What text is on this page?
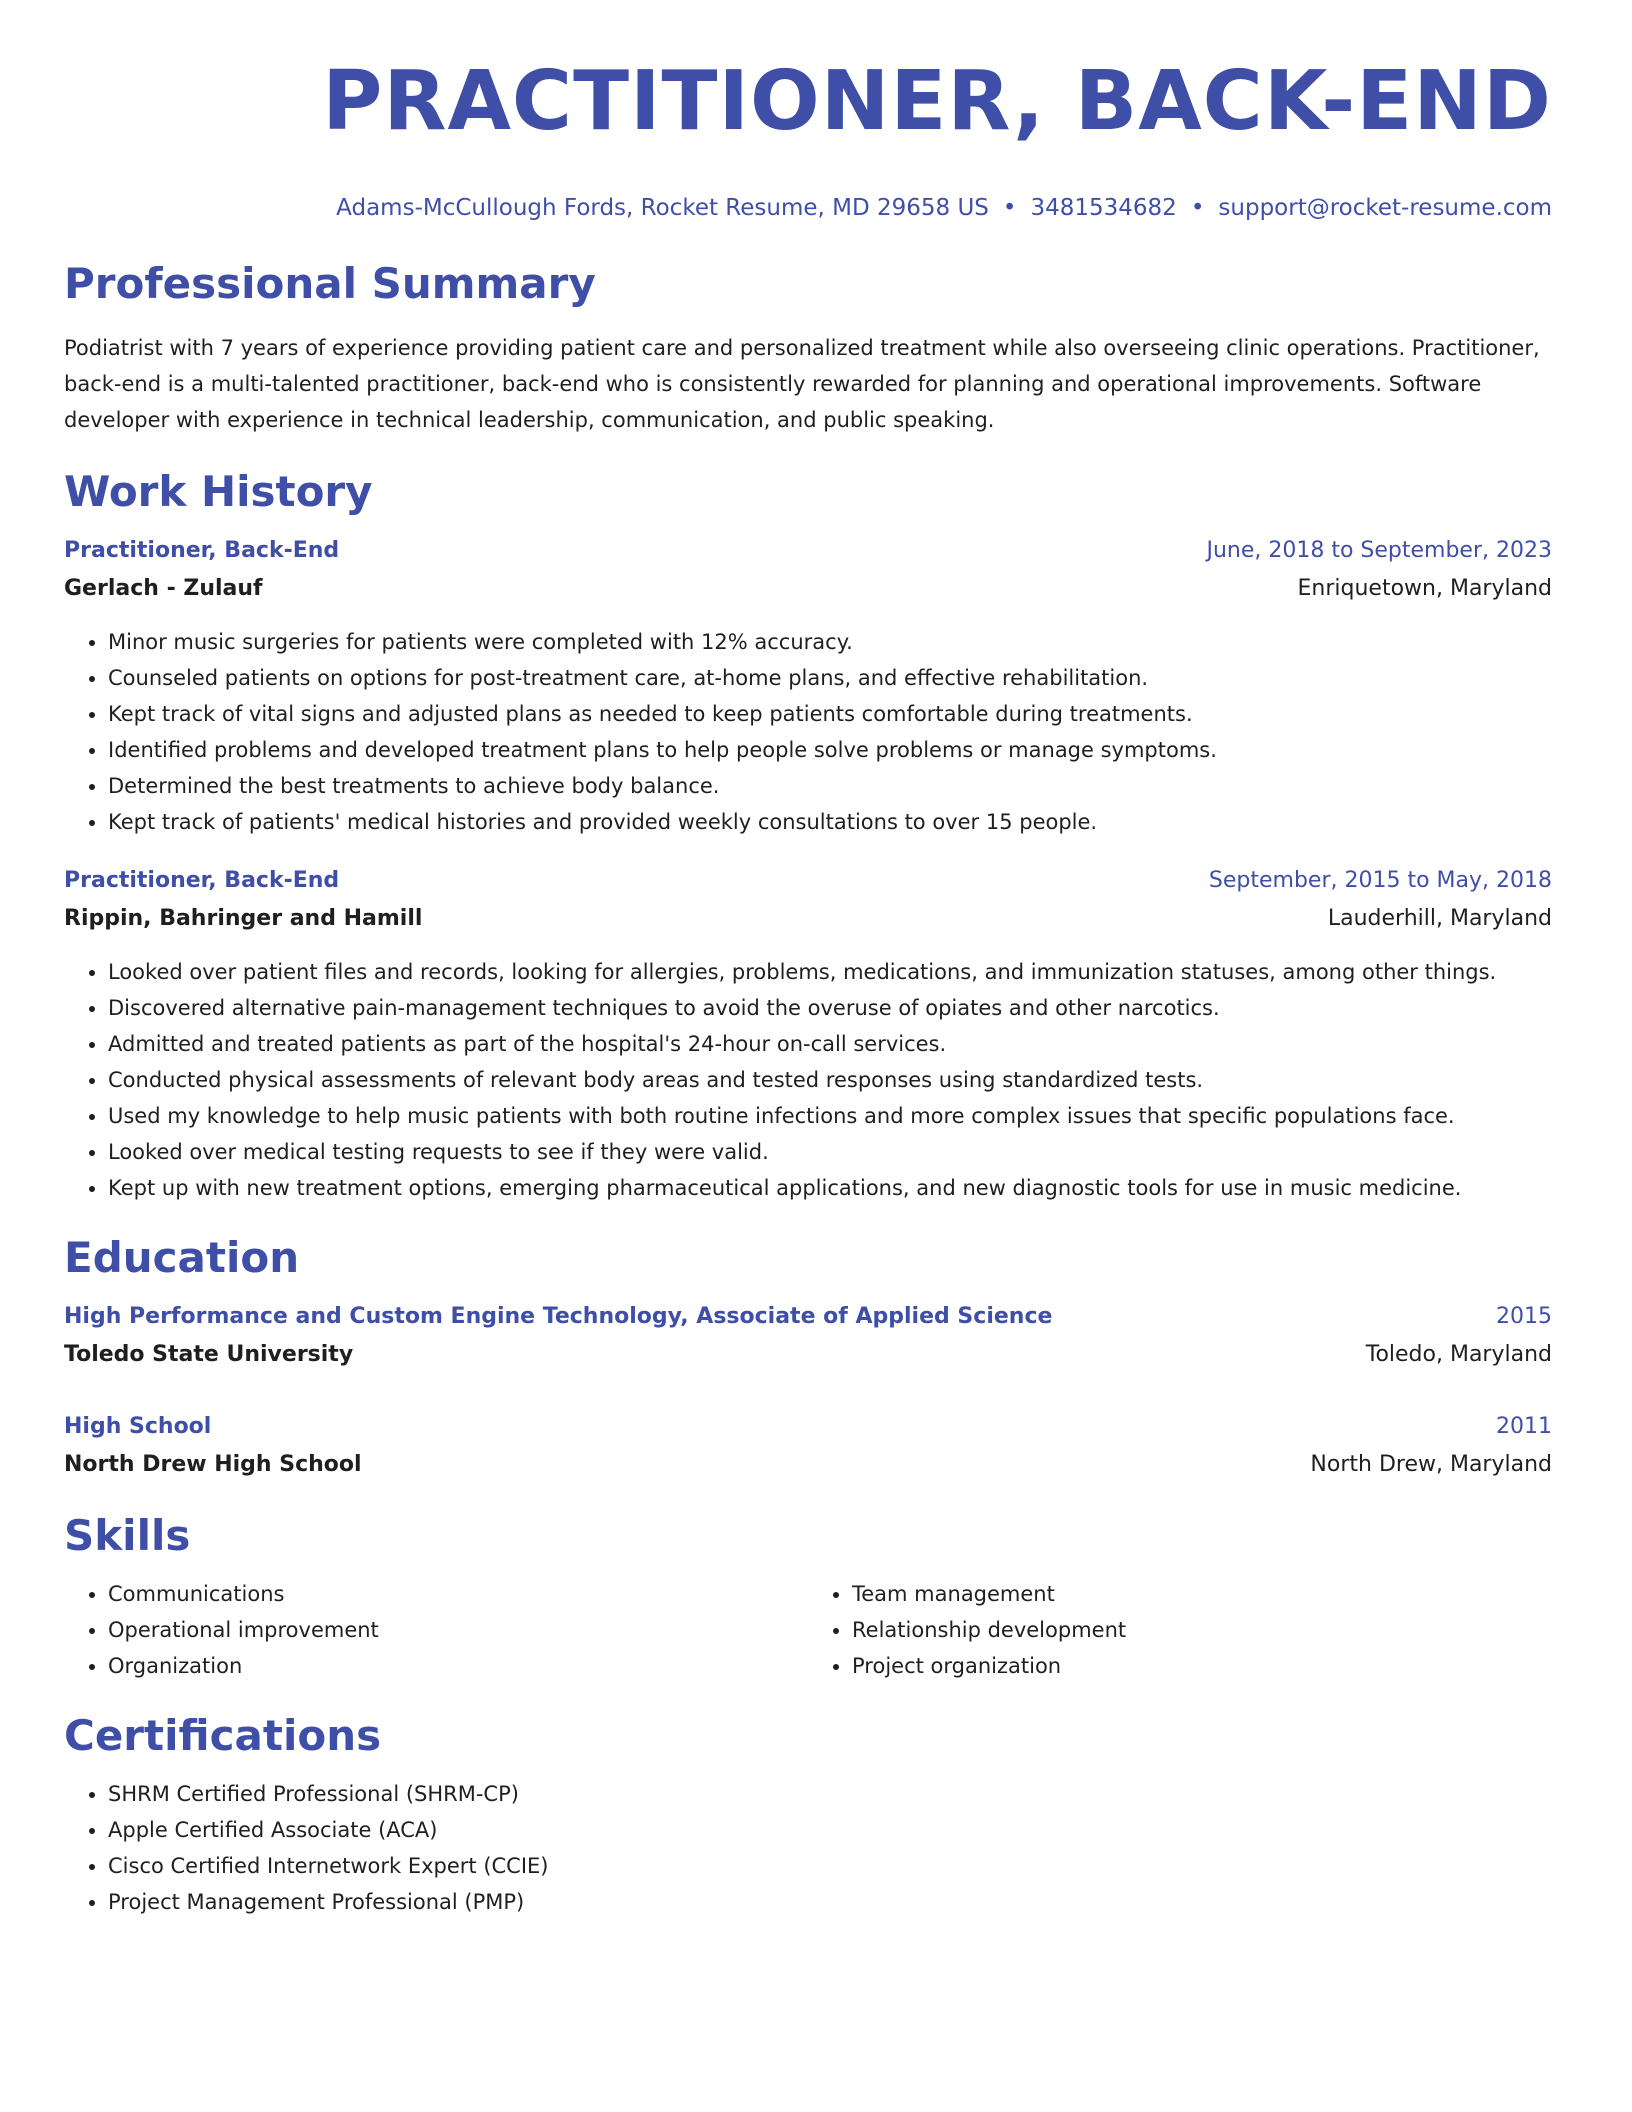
PRACTITIONER, BACK-END
Adams-McCullough Fords, Rocket Resume, MD 29658 US • 3481534682 • support@rocket-resume.com
Professional Summary

Podiatrist with 7 years of experience providing patient care and personalized treatment while also overseeing clinic operations. Practitioner, back-end is a multi-talented practitioner, back-end who is consistently rewarded for planning and operational improvements. Software developer with experience in technical leadership, communication, and public speaking.

Work History
Practitioner, Back-End	June, 2018 to September, 2023
Gerlach - Zulauf	Enriquetown, Maryland
• Minor music surgeries for patients were completed with 12% accuracy.
• Counseled patients on options for post-treatment care, at-home plans, and effective rehabilitation.
• Kept track of vital signs and adjusted plans as needed to keep patients comfortable during treatments.
• Identified problems and developed treatment plans to help people solve problems or manage symptoms.
• Determined the best treatments to achieve body balance.
• Kept track of patients' medical histories and provided weekly consultations to over 15 people.
Practitioner, Back-End	September, 2015 to May, 2018
Rippin, Bahringer and Hamill	Lauderhill, Maryland
• Looked over patient files and records, looking for allergies, problems, medications, and immunization statuses, among other things.
• Discovered alternative pain-management techniques to avoid the overuse of opiates and other narcotics.
• Admitted and treated patients as part of the hospital's 24-hour on-call services.
• Conducted physical assessments of relevant body areas and tested responses using standardized tests.
• Used my knowledge to help music patients with both routine infections and more complex issues that specific populations face.
• Looked over medical testing requests to see if they were valid.
• Kept up with new treatment options, emerging pharmaceutical applications, and new diagnostic tools for use in music medicine.
Education
High Performance and Custom Engine Technology, Associate of Applied Science	2015
Toledo State University	Toledo, Maryland
High School	2011
North Drew High School	North Drew, Maryland
Skills
• Communications
• Operational improvement
• Organization
• Team management
• Relationship development
• Project organization
Certifications
• SHRM Certified Professional (SHRM-CP)
• Apple Certified Associate (ACA)
• Cisco Certified Internetwork Expert (CCIE)
• Project Management Professional (PMP)
